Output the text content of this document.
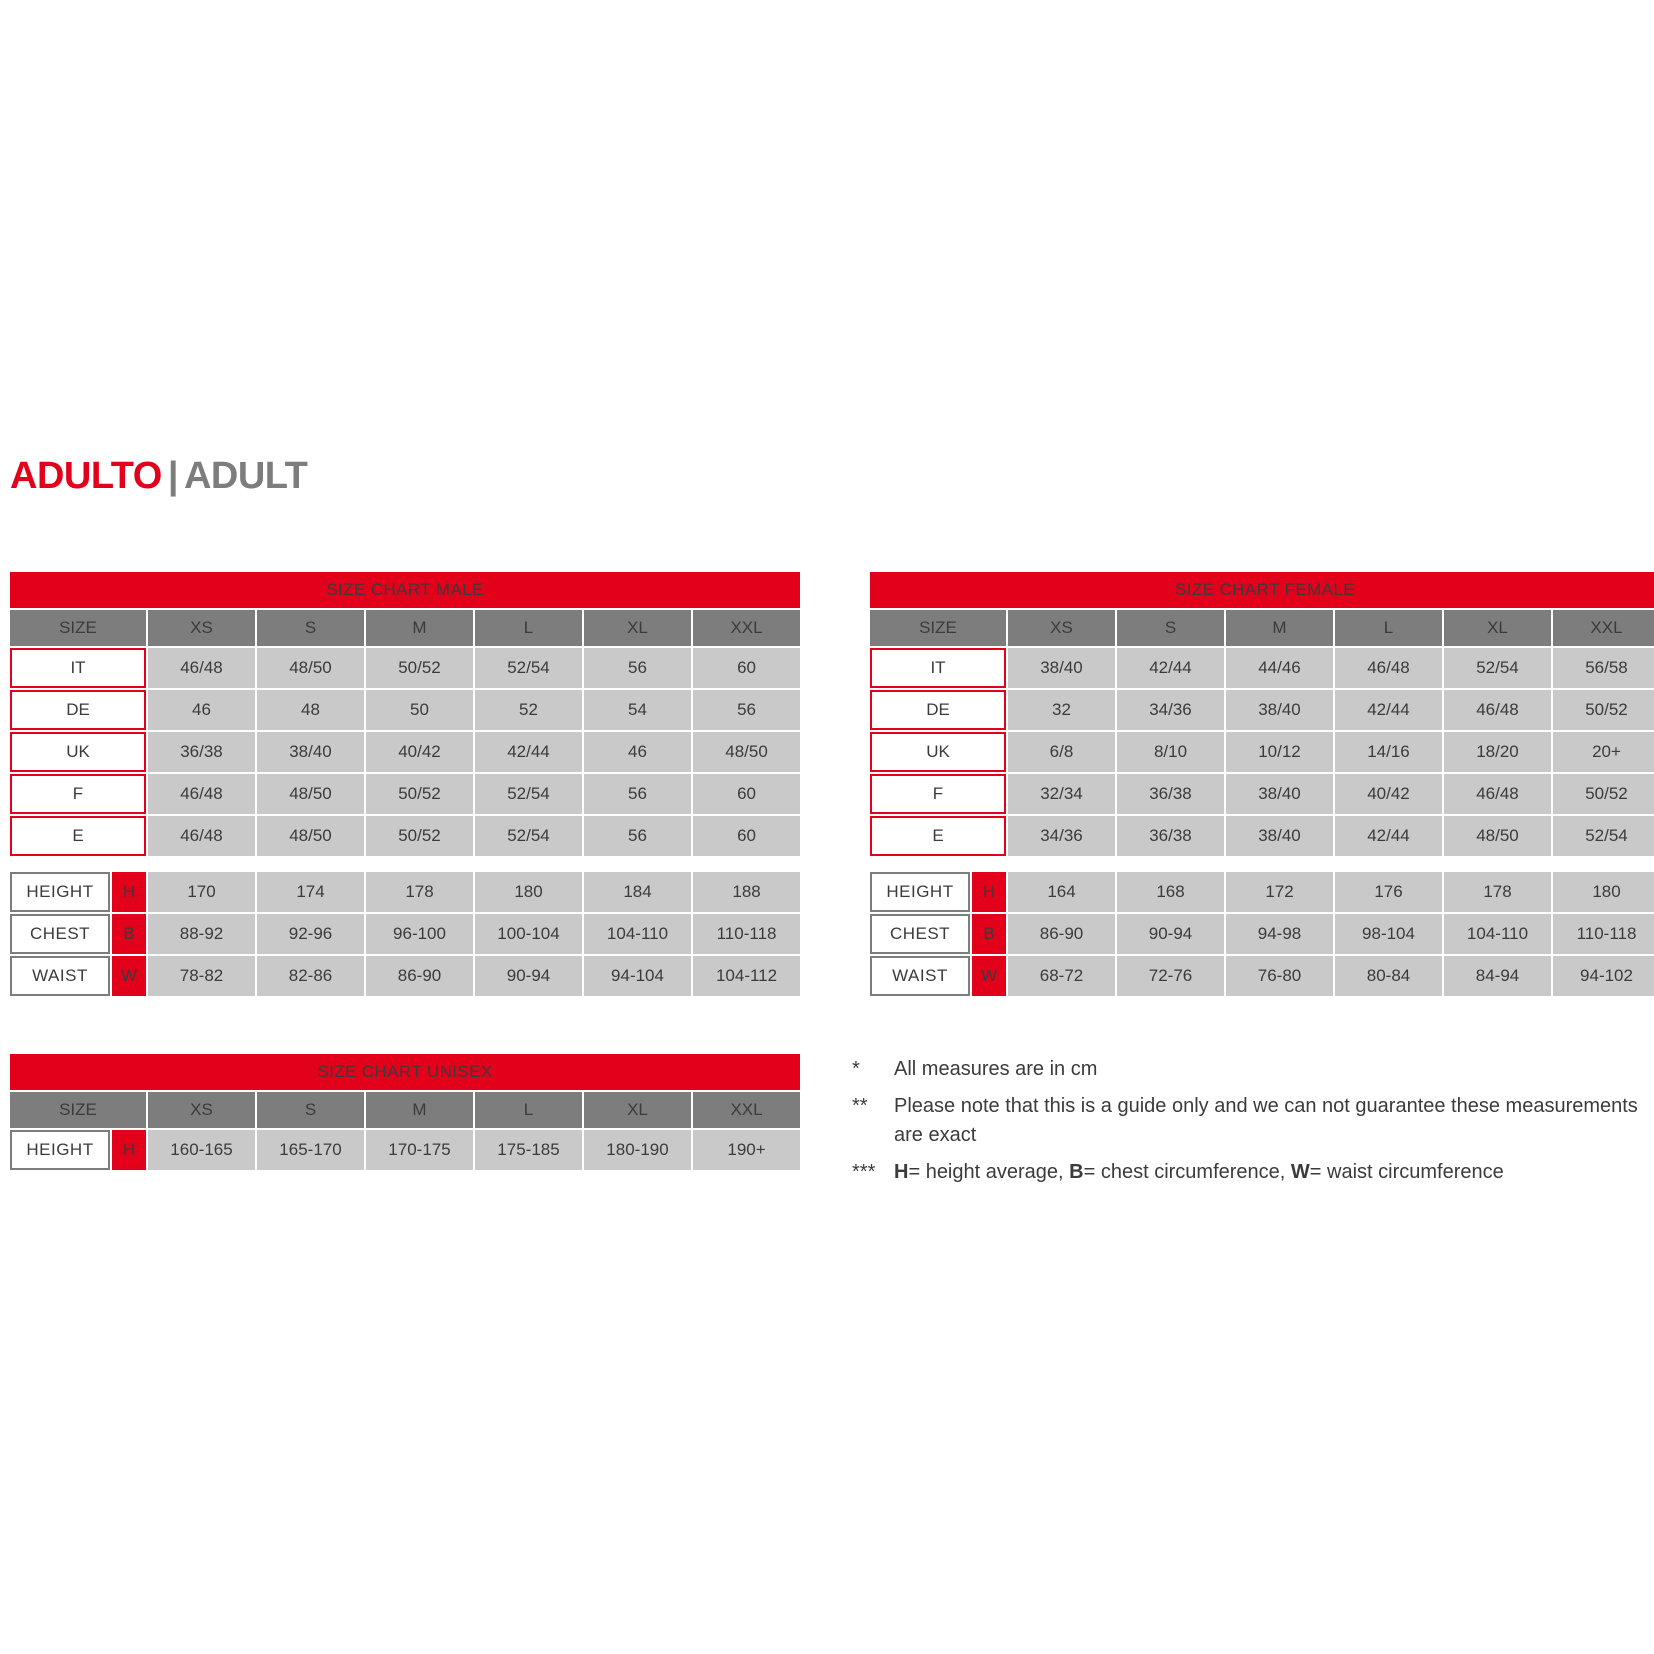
ADULTO | ADULT
SIZE CHART MALE							
SIZE		XS	S	M	L	XL	XXL
IT		46/48	48/50	50/52	52/54	56	60
DE		46	48	50	52	54	56
UK		36/38	38/40	40/42	42/44	46	48/50
F		46/48	48/50	50/52	52/54	56	60
E		46/48	48/50	50/52	52/54	56	60

HEIGHT	H	170	174	178	180	184	188
CHEST	B	88-92	92-96	96-100	100-104	104-110	110-118
WAIST	W	78-82	82-86	86-90	90-94	94-104	104-112
SIZE CHART FEMALE							
SIZE		XS	S	M	L	XL	XXL
IT		38/40	42/44	44/46	46/48	52/54	56/58
DE		32	34/36	38/40	42/44	46/48	50/52
UK		6/8	8/10	10/12	14/16	18/20	20+
F		32/34	36/38	38/40	40/42	46/48	50/52
E		34/36	36/38	38/40	42/44	48/50	52/54

HEIGHT	H	164	168	172	176	178	180
CHEST	B	86-90	90-94	94-98	98-104	104-110	110-118
WAIST	W	68-72	72-76	76-80	80-84	84-94	94-102
SIZE CHART UNISEX							
SIZE		XS	S	M	L	XL	XXL
HEIGHT	H	160-165	165-170	170-175	175-185	180-190	190+
*	All measures are in cm
**	Please note that this is a guide only and we can not guarantee these measurements are exact
*** H= height average, B= chest circumference, W= waist circumference
